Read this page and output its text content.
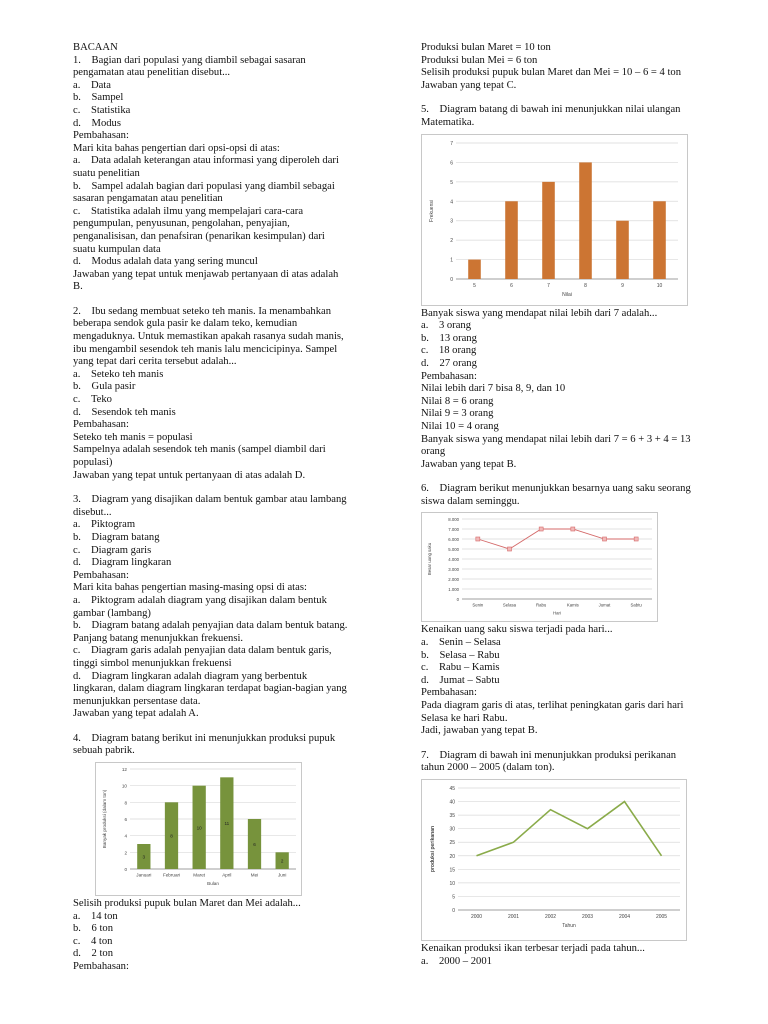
BACAAN

1.    Bagian dari populasi yang diambil sebagai sasaran

pengamatan atau penelitian disebut...

a.    Data

b.    Sampel

c.    Statistika

d.    Modus

Pembahasan:

Mari kita bahas pengertian dari opsi-opsi di atas:

a.    Data adalah keterangan atau informasi yang diperoleh dari

suatu penelitian

b.    Sampel adalah bagian dari populasi yang diambil sebagai

sasaran pengamatan atau penelitian

c.    Statistika adalah ilmu yang mempelajari cara-cara

pengumpulan, penyusunan, pengolahan, penyajian,

penganalisisan, dan penafsiran (penarikan kesimpulan) dari

suatu kumpulan data

d.    Modus adalah data yang sering muncul

Jawaban yang tepat untuk menjawab pertanyaan di atas adalah

B.

2.    Ibu sedang membuat seteko teh manis. Ia menambahkan

beberapa sendok gula pasir ke dalam teko, kemudian

mengaduknya. Untuk memastikan apakah rasanya sudah manis,

ibu mengambil sesendok teh manis lalu mencicipinya. Sampel

yang tepat dari cerita tersebut adalah...

a.    Seteko teh manis

b.    Gula pasir

c.    Teko

d.    Sesendok teh manis

Pembahasan:

Seteko teh manis = populasi

Sampelnya adalah sesendok teh manis (sampel diambil dari

populasi)

Jawaban yang tepat untuk pertanyaan di atas adalah D.

3.    Diagram yang disajikan dalam bentuk gambar atau lambang

disebut...

a.    Piktogram

b.    Diagram batang

c.    Diagram garis

d.    Diagram lingkaran

Pembahasan:

Mari kita bahas pengertian masing-masing opsi di atas:

a.    Piktogram adalah diagram yang disajikan dalam bentuk

gambar (lambang)

b.    Diagram batang adalah penyajian data dalam bentuk batang.

Panjang batang menunjukkan frekuensi.

c.    Diagram garis adalah penyajian data dalam bentuk garis,

tinggi simbol menunjukkan frekuensi

d.    Diagram lingkaran adalah diagram yang berbentuk

lingkaran, dalam diagram lingkaran terdapat bagian-bagian yang

menunjukkan persentase data.

Jawaban yang tepat adalah A.

4.    Diagram batang berikut ini menunjukkan produksi pupuk

sebuah pabrik.

0
2
4
6
8
10
12
3
8
10
11
6
2
Januari	Februari	Maret	April	Mei	Juni
Bulan
Banyak produksi (dalam ton)

Selisih produksi pupuk bulan Maret dan Mei adalah...

a.    14 ton

b.    6 ton

c.    4 ton

d.    2 ton

Pembahasan:

Produksi bulan Maret = 10 ton

Produksi bulan Mei = 6 ton

Selisih produksi pupuk bulan Maret dan Mei = 10 – 6 = 4 ton

Jawaban yang tepat C.

5.    Diagram batang di bawah ini menunjukkan nilai ulangan

Matematika.

0
1
2
3
4
5
6
7
5	6	7	8	9	10
Nilai
Frekuensi

Banyak siswa yang mendapat nilai lebih dari 7 adalah...

a.    3 orang

b.    13 orang

c.    18 orang

d.    27 orang

Pembahasan:

Nilai lebih dari 7 bisa 8, 9, dan 10

Nilai 8 = 6 orang

Nilai 9 = 3 orang

Nilai 10 = 4 orang

Banyak siswa yang mendapat nilai lebih dari 7 = 6 + 3 + 4 = 13

orang

Jawaban yang tepat B.

6.    Diagram berikut menunjukkan besarnya uang saku seorang

siswa dalam seminggu.

0
1.000
2.000
3.000
4.000
5.000
6.000
7.000
8.000
Senin	Selasa	Rabu	Kamis	Jumat	Sabtu
Hari
Besar uang saku

Kenaikan uang saku siswa terjadi pada hari...

a.    Senin – Selasa

b.    Selasa – Rabu

c.    Rabu – Kamis

d.    Jumat – Sabtu

Pembahasan:

Pada diagram garis di atas, terlihat peningkatan garis dari hari

Selasa ke hari Rabu.

Jadi, jawaban yang tepat B.

7.    Diagram di bawah ini menunjukkan produksi perikanan

tahun 2000 – 2005 (dalam ton).

0
5
10
15
20
25
30
35
40
45
2000	2001	2002	2003	2004	2005
Tahun
produksi perikanan

Kenaikan produksi ikan terbesar terjadi pada tahun...

a.    2000 – 2001
